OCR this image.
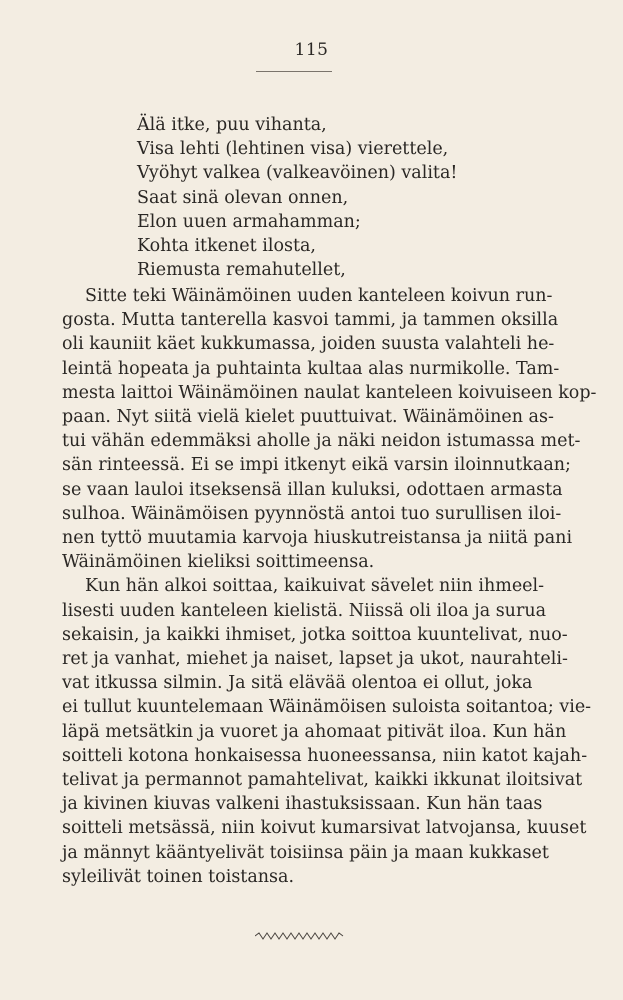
115
Älä itke, puu vihanta,
Visa lehti (lehtinen visa) vierettele,
Vyöhyt valkea (valkeavöinen) valita!
Saat sinä olevan onnen,
Elon uuen armahamman;
Kohta itkenet ilosta,
Riemusta remahutellet,
Sitte teki Wäinämöinen uuden kanteleen koivun run-
gosta. Mutta tanterella kasvoi tammi, ja tammen oksilla
oli kauniit käet kukkumassa, joiden suusta valahteli he-
leintä hopeata ja puhtainta kultaa alas nurmikolle. Tam-
mesta laittoi Wäinämöinen naulat kanteleen koivuiseen kop-
paan. Nyt siitä vielä kielet puuttuivat. Wäinämöinen as-
tui vähän edemmäksi aholle ja näki neidon istumassa met-
sän rinteessä. Ei se impi itkenyt eikä varsin iloinnutkaan;
se vaan lauloi itseksensä illan kuluksi, odottaen armasta
sulhoa. Wäinämöisen pyynnöstä antoi tuo surullisen iloi-
nen tyttö muutamia karvoja hiuskutreistansa ja niitä pani
Wäinämöinen kieliksi soittimeensa.
Kun hän alkoi soittaa, kaikuivat sävelet niin ihmeel-
lisesti uuden kanteleen kielistä. Niissä oli iloa ja surua
sekaisin, ja kaikki ihmiset, jotka soittoa kuuntelivat, nuo-
ret ja vanhat, miehet ja naiset, lapset ja ukot, naurahteli-
vat itkussa silmin. Ja sitä elävää olentoa ei ollut, joka
ei tullut kuuntelemaan Wäinämöisen suloista soitantoa; vie-
läpä metsätkin ja vuoret ja ahomaat pitivät iloa. Kun hän
soitteli kotona honkaisessa huoneessansa, niin katot kajah-
telivat ja permannot pamahtelivat, kaikki ikkunat iloitsivat
ja kivinen kiuvas valkeni ihastuksissaan. Kun hän taas
soitteli metsässä, niin koivut kumarsivat latvojansa, kuuset
ja männyt kääntyelivät toisiinsa päin ja maan kukkaset
syleilivät toinen toistansa.
